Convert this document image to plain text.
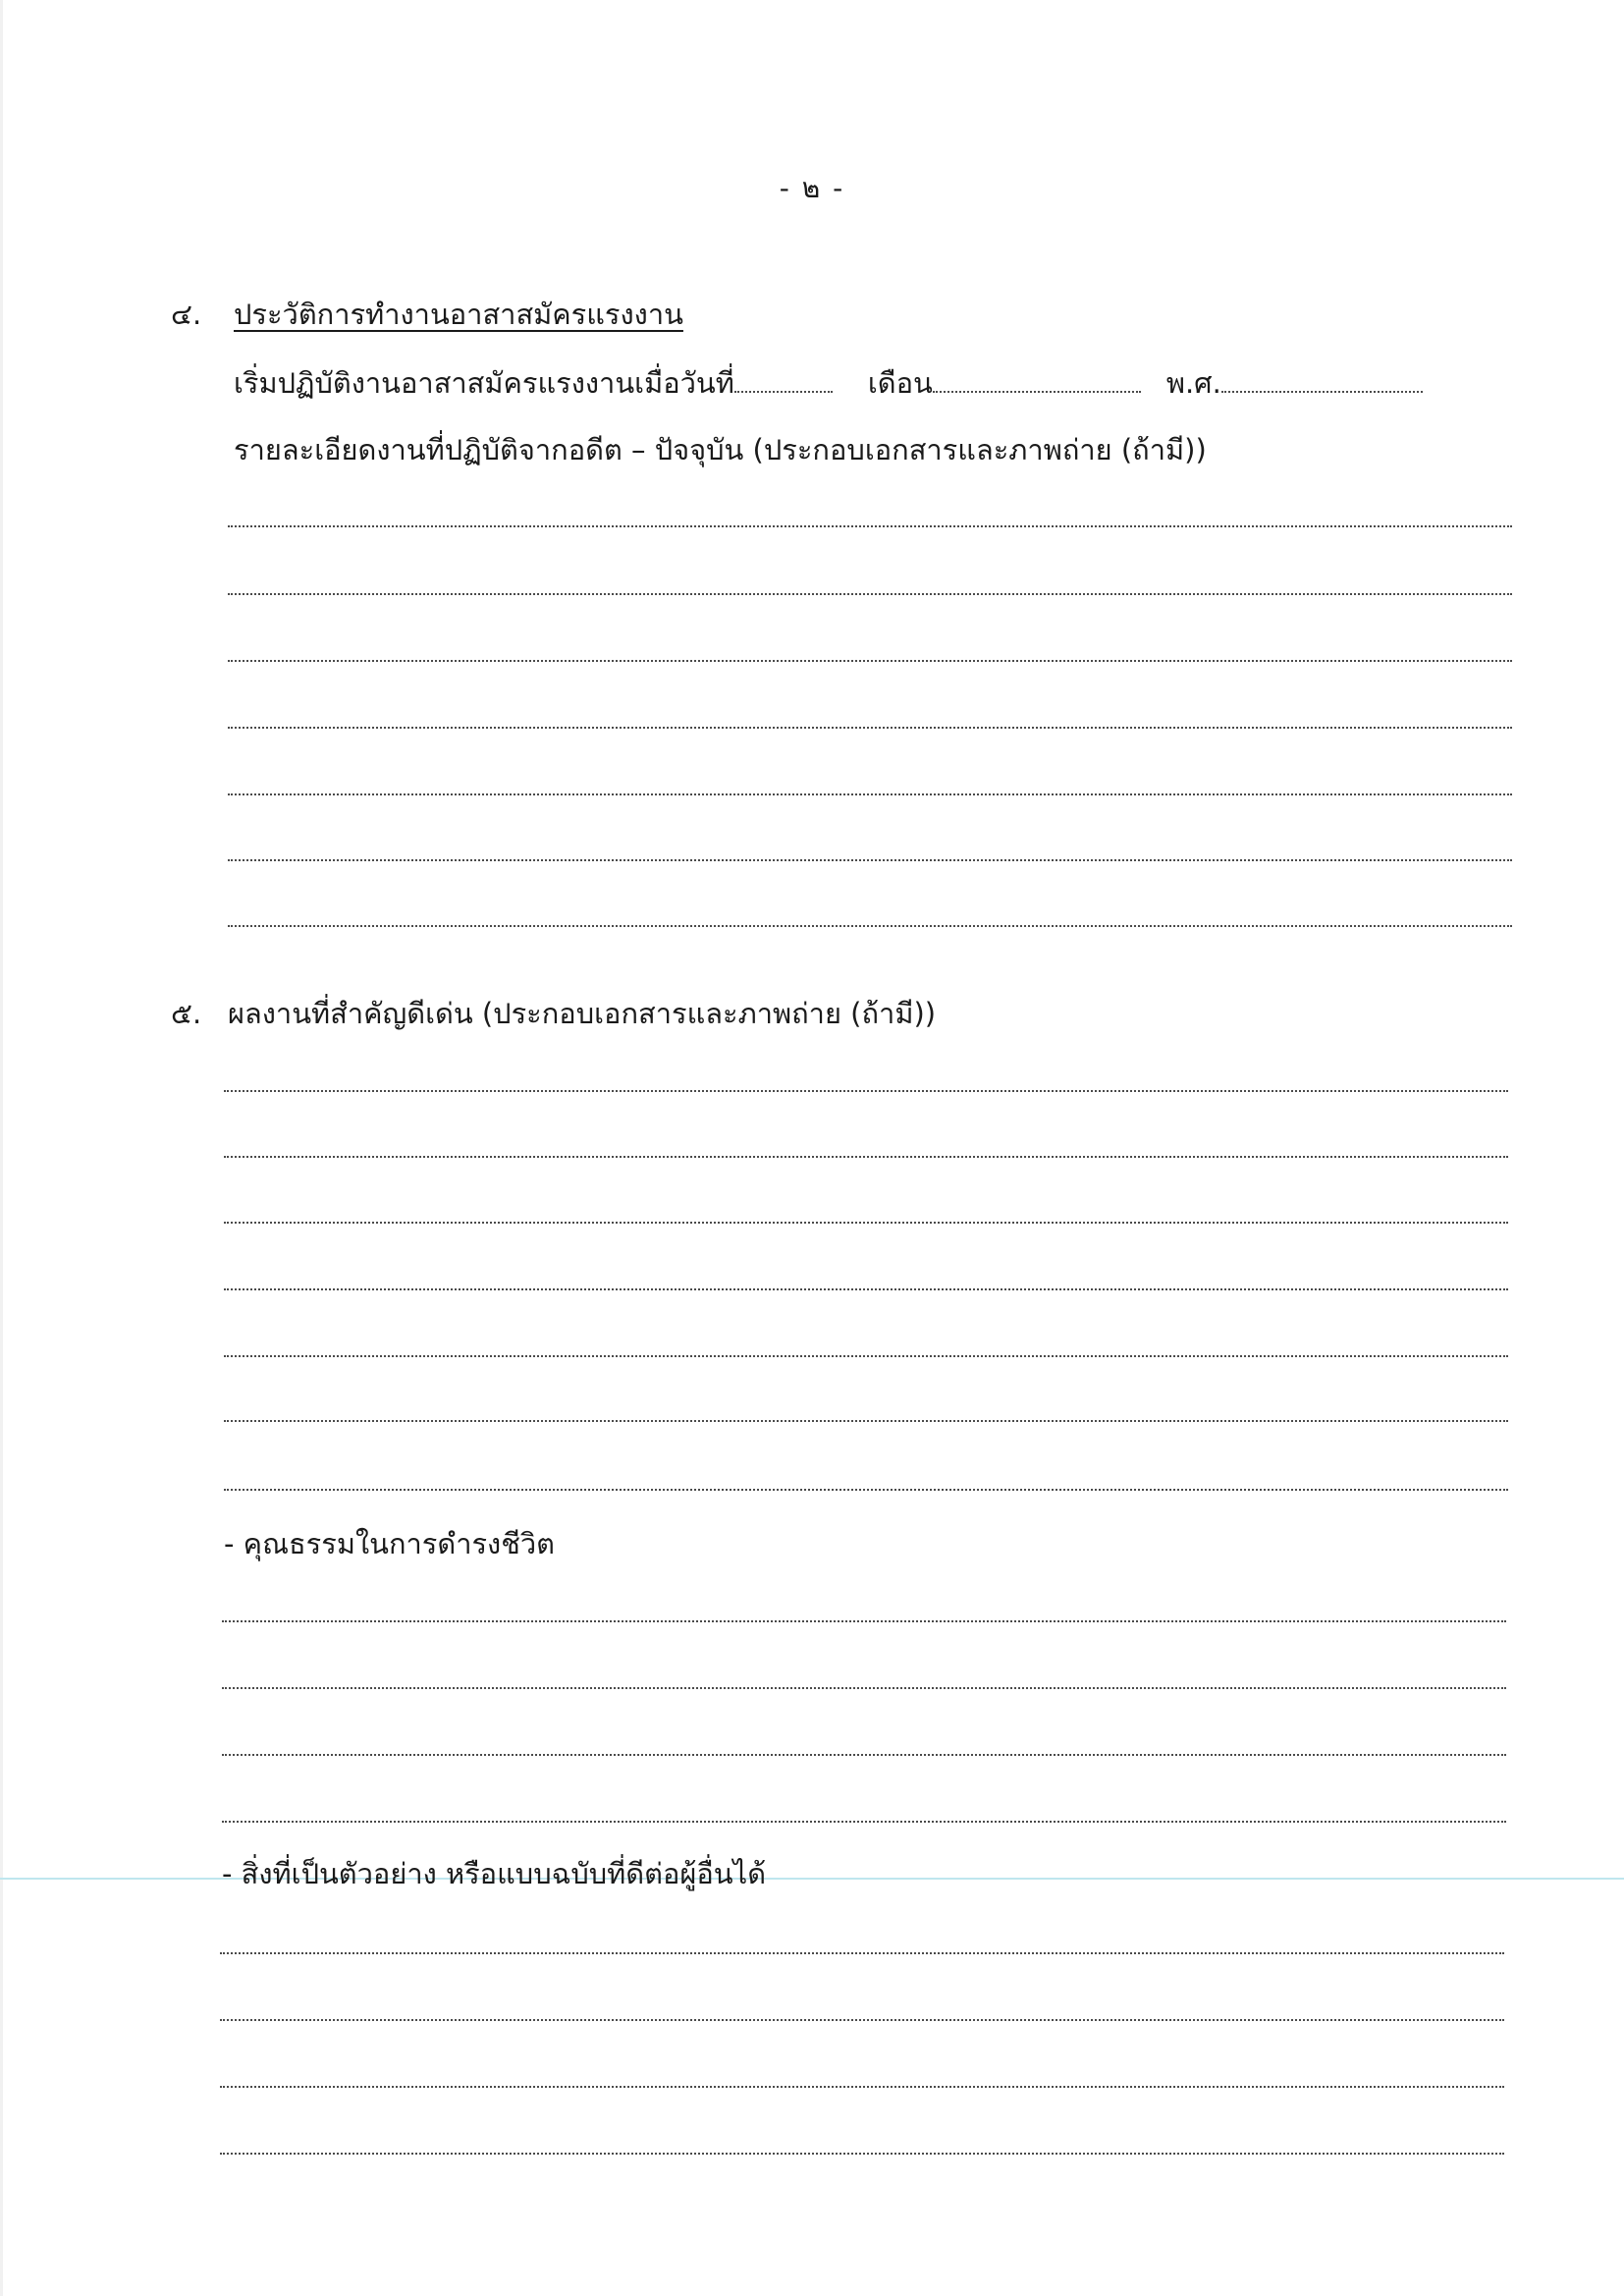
- ๒ -
๔. ประวัติการทำงานอาสาสมัครแรงงาน
เริ่มปฏิบัติงานอาสาสมัครแรงงานเมื่อวันที่	เดือน	พ.ศ.
รายละเอียดงานที่ปฏิบัติจากอดีต – ปัจจุบัน (ประกอบเอกสารและภาพถ่าย (ถ้ามี))
๕. ผลงานที่สำคัญดีเด่น (ประกอบเอกสารและภาพถ่าย (ถ้ามี))
- คุณธรรมในการดำรงชีวิต
- สิ่งที่เป็นตัวอย่าง หรือแบบฉบับที่ดีต่อผู้อื่นได้
